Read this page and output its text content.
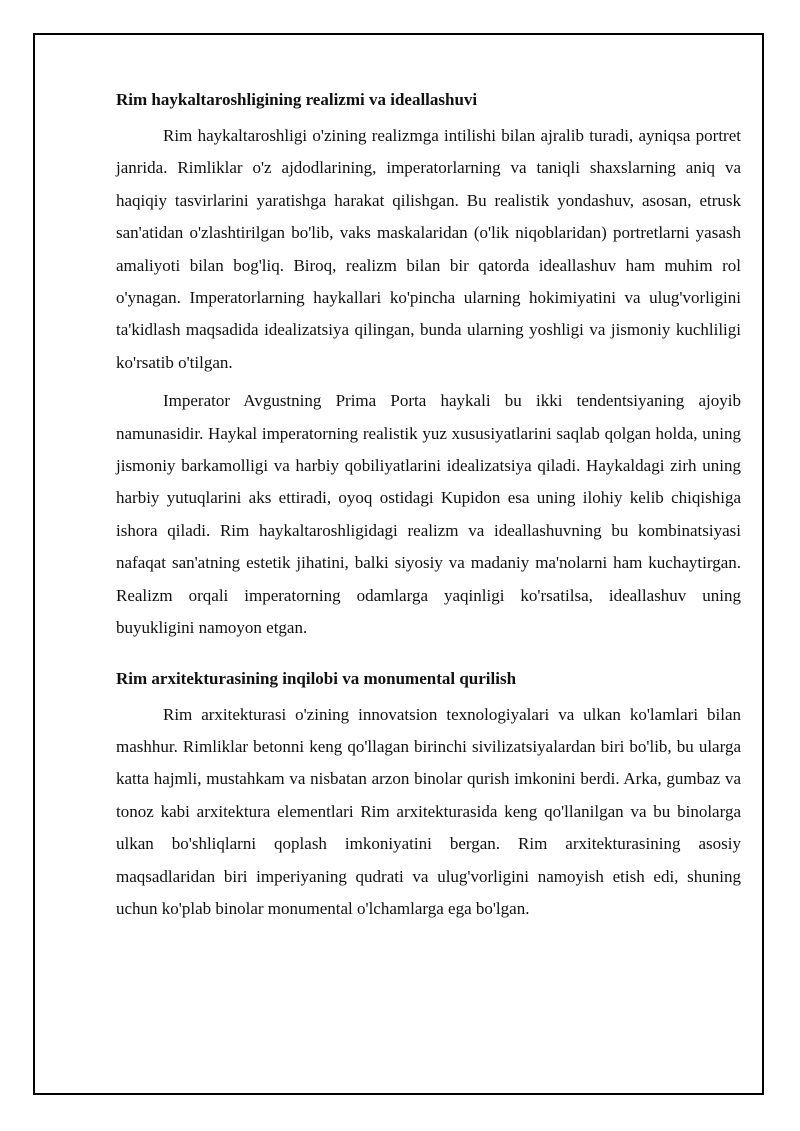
Rim haykaltaroshligining realizmi va ideallashuvi

Rim haykaltaroshligi o'zining realizmga intilishi bilan ajralib turadi, ayniqsa portret janrida. Rimliklar o'z ajdodlarining, imperatorlarning va taniqli shaxslarning aniq va haqiqiy tasvirlarini yaratishga harakat qilishgan. Bu realistik yondashuv, asosan, etrusk san'atidan o'zlashtirilgan bo'lib, vaks maskalaridan (o'lik niqoblaridan) portretlarni yasash amaliyoti bilan bog'liq. Biroq, realizm bilan bir qatorda ideallashuv ham muhim rol o'ynagan. Imperatorlarning haykallari ko'pincha ularning hokimiyatini va ulug'vorligini ta'kidlash maqsadida idealizatsiya qilingan, bunda ularning yoshligi va jismoniy kuchliligi ko'rsatib o'tilgan.

Imperator Avgustning Prima Porta haykali bu ikki tendentsiyaning ajoyib namunasidir. Haykal imperatorning realistik yuz xususiyatlarini saqlab qolgan holda, uning jismoniy barkamolligi va harbiy qobiliyatlarini idealizatsiya qiladi. Haykaldagi zirh uning harbiy yutuqlarini aks ettiradi, oyoq ostidagi Kupidon esa uning ilohiy kelib chiqishiga ishora qiladi. Rim haykaltaroshligidagi realizm va ideallashuvning bu kombinatsiyasi nafaqat san'atning estetik jihatini, balki siyosiy va madaniy ma'nolarni ham kuchaytirgan. Realizm orqali imperatorning odamlarga yaqinligi ko'rsatilsa, ideallashuv uning buyukligini namoyon etgan.

Rim arxitekturasining inqilobi va monumental qurilish

Rim arxitekturasi o'zining innovatsion texnologiyalari va ulkan ko'lamlari bilan mashhur. Rimliklar betonni keng qo'llagan birinchi sivilizatsiyalardan biri bo'lib, bu ularga katta hajmli, mustahkam va nisbatan arzon binolar qurish imkonini berdi. Arka, gumbaz va tonoz kabi arxitektura elementlari Rim arxitekturasida keng qo'llanilgan va bu binolarga ulkan bo'shliqlarni qoplash imkoniyatini bergan. Rim arxitekturasining asosiy maqsadlaridan biri imperiyaning qudrati va ulug'vorligini namoyish etish edi, shuning uchun ko'plab binolar monumental o'lchamlarga ega bo'lgan.
